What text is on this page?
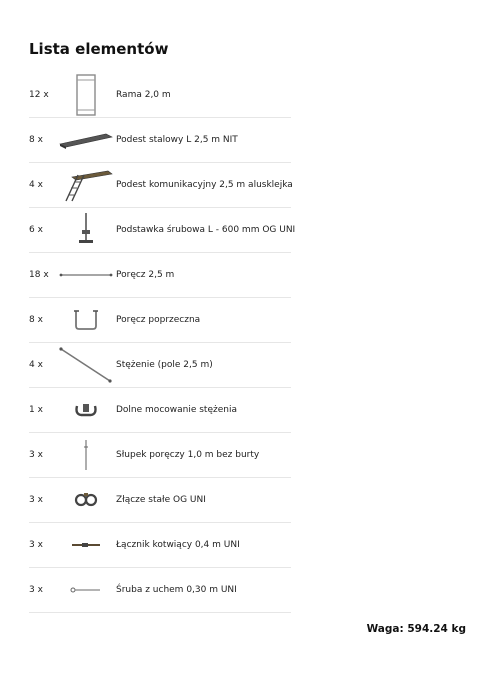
Lista elementów
12 x	Rama 2,0 m
8 x	Podest stalowy L 2,5 m NIT
4 x	Podest komunikacyjny 2,5 m alusklejka
6 x	Podstawka śrubowa L - 600 mm OG UNI
18 x	Poręcz 2,5 m
8 x	Poręcz poprzeczna
4 x	Stężenie (pole 2,5 m)
1 x	Dolne mocowanie stężenia
3 x	Słupek poręczy 1,0 m bez burty
3 x	Złącze stałe OG UNI
3 x	Łącznik kotwiący 0,4 m UNI
3 x	Śruba z uchem 0,30 m UNI
Waga: 594.24 kg
